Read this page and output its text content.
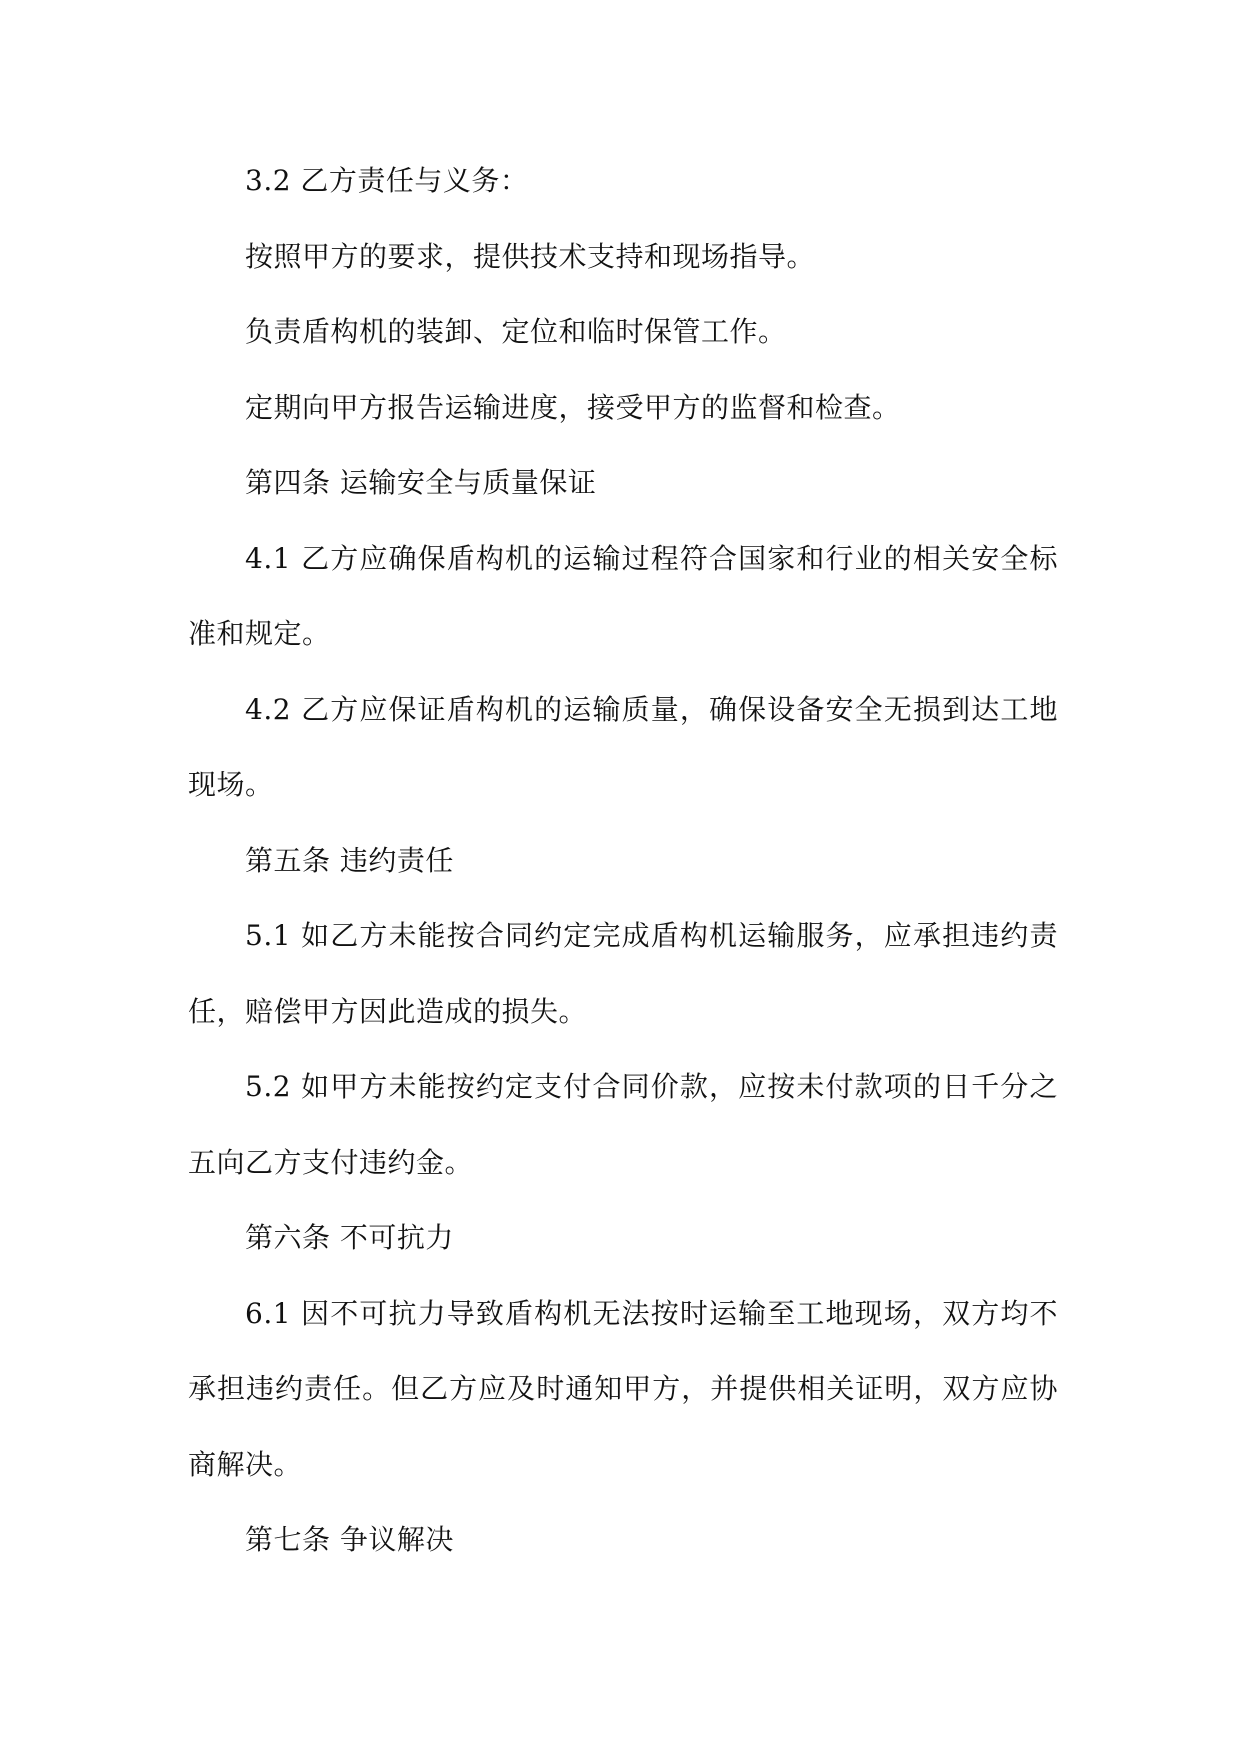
3.2 乙方责任与义务：

按照甲方的要求，提供技术支持和现场指导。

负责盾构机的装卸、定位和临时保管工作。

定期向甲方报告运输进度，接受甲方的监督和检查。

第四条 运输安全与质量保证

4.1 乙方应确保盾构机的运输过程符合国家和行业的相关安全标准和规定。

4.2 乙方应保证盾构机的运输质量，确保设备安全无损到达工地现场。

第五条 违约责任

5.1 如乙方未能按合同约定完成盾构机运输服务，应承担违约责任，赔偿甲方因此造成的损失。

5.2 如甲方未能按约定支付合同价款，应按未付款项的日千分之五向乙方支付违约金。

第六条 不可抗力

6.1 因不可抗力导致盾构机无法按时运输至工地现场，双方均不承担违约责任。但乙方应及时通知甲方，并提供相关证明，双方应协商解决。

第七条 争议解决
